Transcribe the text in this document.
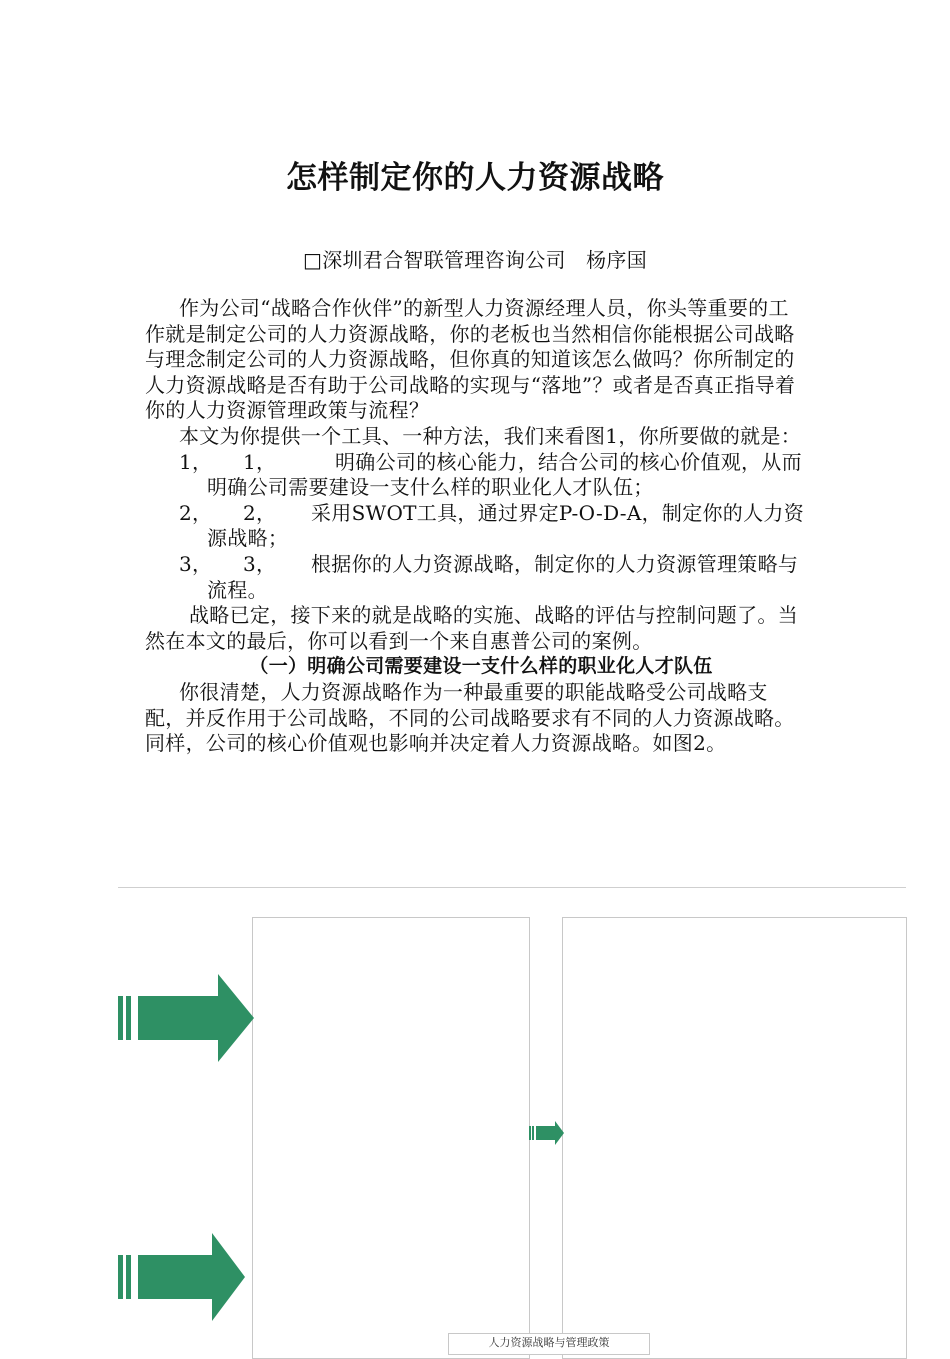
怎样制定你的人力资源战略
□深圳君合智联管理咨询公司　杨序国

作为公司“战略合作伙伴”的新型人力资源经理人员，你头等重要的工作就是制定公司的人力资源战略，你的老板也当然相信你能根据公司战略与理念制定公司的人力资源战略，但你真的知道该怎么做吗？你所制定的人力资源战略是否有助于公司战略的实现与“落地”？或者是否真正指导着你的人力资源管理政策与流程？

本文为你提供一个工具、一种方法，我们来看图1，你所要做的就是：

1， 1，	明确公司的核心能力，结合公司的核心价值观，从而明确公司需要建设一支什么样的职业化人才队伍；

2， 2， 采用SWOT工具，通过界定P-O-D-A，制定你的人力资源战略；

3， 3， 根据你的人力资源战略，制定你的人力资源管理策略与流程。

战略已定，接下来的就是战略的实施、战略的评估与控制问题了。当然在本文的最后，你可以看到一个来自惠普公司的案例。

（一）明确公司需要建设一支什么样的职业化人才队伍

你很清楚，人力资源战略作为一种最重要的职能战略受公司战略支配，并反作用于公司战略，不同的公司战略要求有不同的人力资源战略。同样，公司的核心价值观也影响并决定着人力资源战略。如图2。

人力资源战略与管理政策
